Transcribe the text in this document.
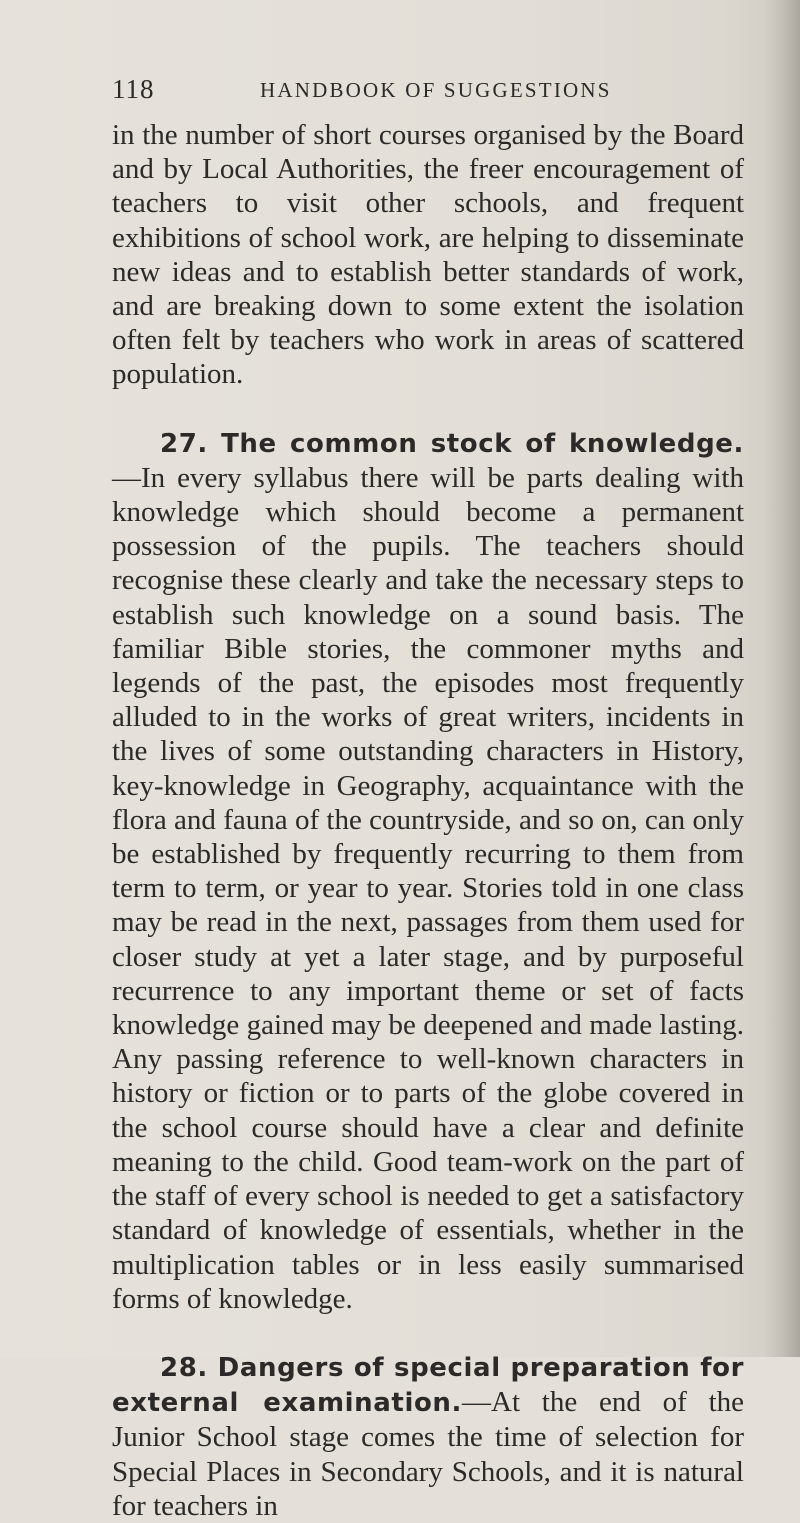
118	HANDBOOK OF SUGGESTIONS

in the number of short courses organised by the Board and by Local Authorities, the freer encouragement of teachers to visit other schools, and frequent exhibitions of school work, are helping to disseminate new ideas and to establish better standards of work, and are breaking down to some extent the isolation often felt by teachers who work in areas of scattered population.

27. The common stock of knowledge.—In every syllabus there will be parts dealing with knowledge which should become a permanent possession of the pupils. The teachers should recognise these clearly and take the necessary steps to establish such knowledge on a sound basis. The familiar Bible stories, the commoner myths and legends of the past, the episodes most frequently alluded to in the works of great writers, incidents in the lives of some outstanding characters in History, key-knowledge in Geography, acquaintance with the flora and fauna of the countryside, and so on, can only be established by frequently recurring to them from term to term, or year to year. Stories told in one class may be read in the next, passages from them used for closer study at yet a later stage, and by purposeful recurrence to any important theme or set of facts knowledge gained may be deepened and made lasting. Any passing reference to well-known characters in history or fiction or to parts of the globe covered in the school course should have a clear and definite meaning to the child. Good team-work on the part of the staff of every school is needed to get a satisfactory standard of knowledge of essentials, whether in the multiplication tables or in less easily summarised forms of knowledge.

28. Dangers of special preparation for external examination.—At the end of the Junior School stage comes the time of selection for Special Places in Secondary Schools, and it is natural for teachers in
